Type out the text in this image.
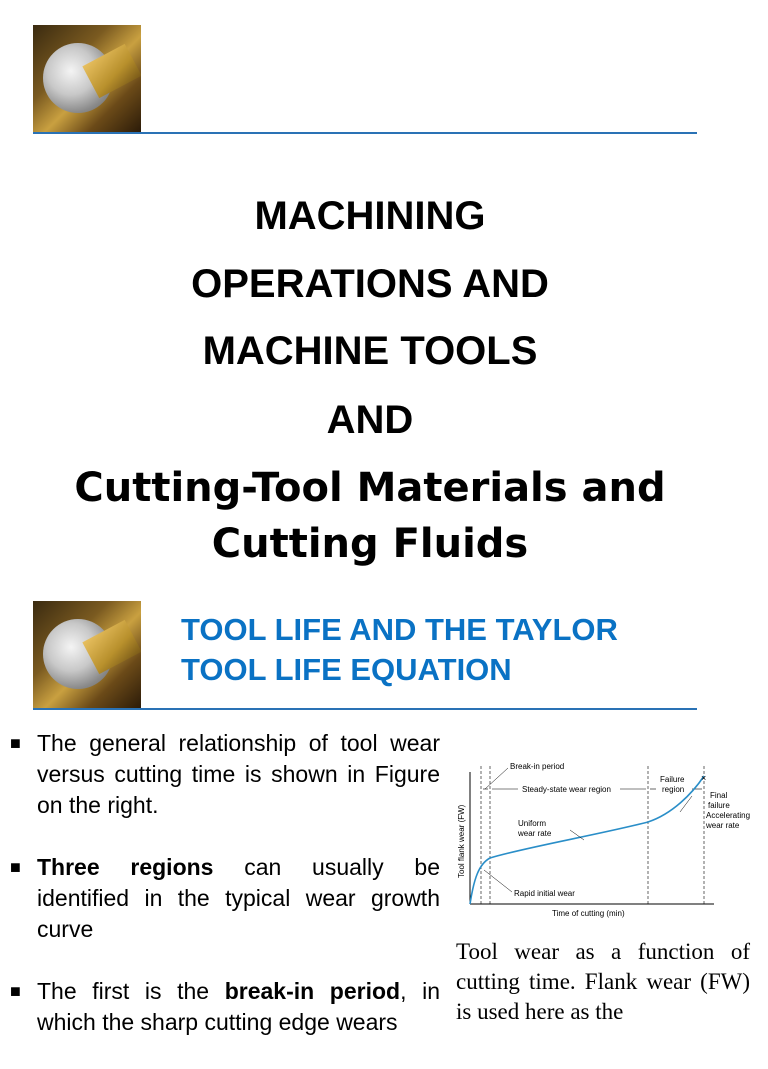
MACHINING
OPERATIONS AND
MACHINE TOOLS
AND
Cutting-Tool Materials and
Cutting Fluids
TOOL LIFE AND THE TAYLOR
TOOL LIFE EQUATION
■ The general relationship of tool wear versus cutting time is shown in Figure on the right.
■ Three regions can usually be identified in the typical wear growth curve
■ The first is the break-in period, in which the sharp cutting edge wears
×
Break-in period
Steady-state wear region
Failure
region
Final
failure
Accelerating
wear rate
Uniform
wear rate
Rapid initial wear
Tool flank wear (FW)
Time of cutting (min)
Tool wear as a function of cutting time. Flank wear (FW) is used here as the
